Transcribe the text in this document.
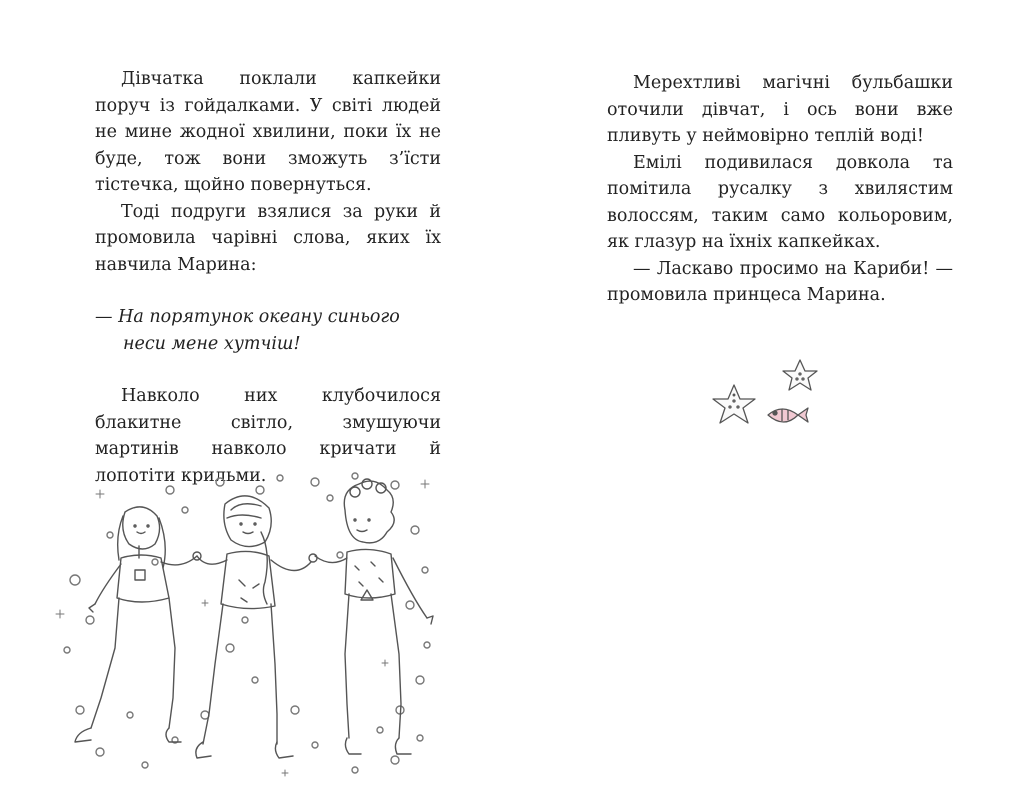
Дівчатка поклали капкейки поруч із гойдалками. У світі людей не мине жодної хвилини, поки їх не буде, тож вони зможуть з’їсти тістечка, щойно повернуться.

Тоді подруги взялися за руки й промовила чарівні слова, яких їх навчила Марина:

— На порятунок океану синього
неси мене хутчіш!

Навколо них клубочилося блакитне світло, змушуючи мартинів навколо кричати й лопотіти крильми.

Мерехтливі магічні бульбашки оточили дівчат, і ось вони вже пливуть у неймовірно теплій воді!

Емілі подивилася довкола та помітила русалку з хвилястим волоссям, таким само кольоровим, як глазур на їхніх капкейках.

— Ласкаво просимо на Кариби! — промовила принцеса Марина.
